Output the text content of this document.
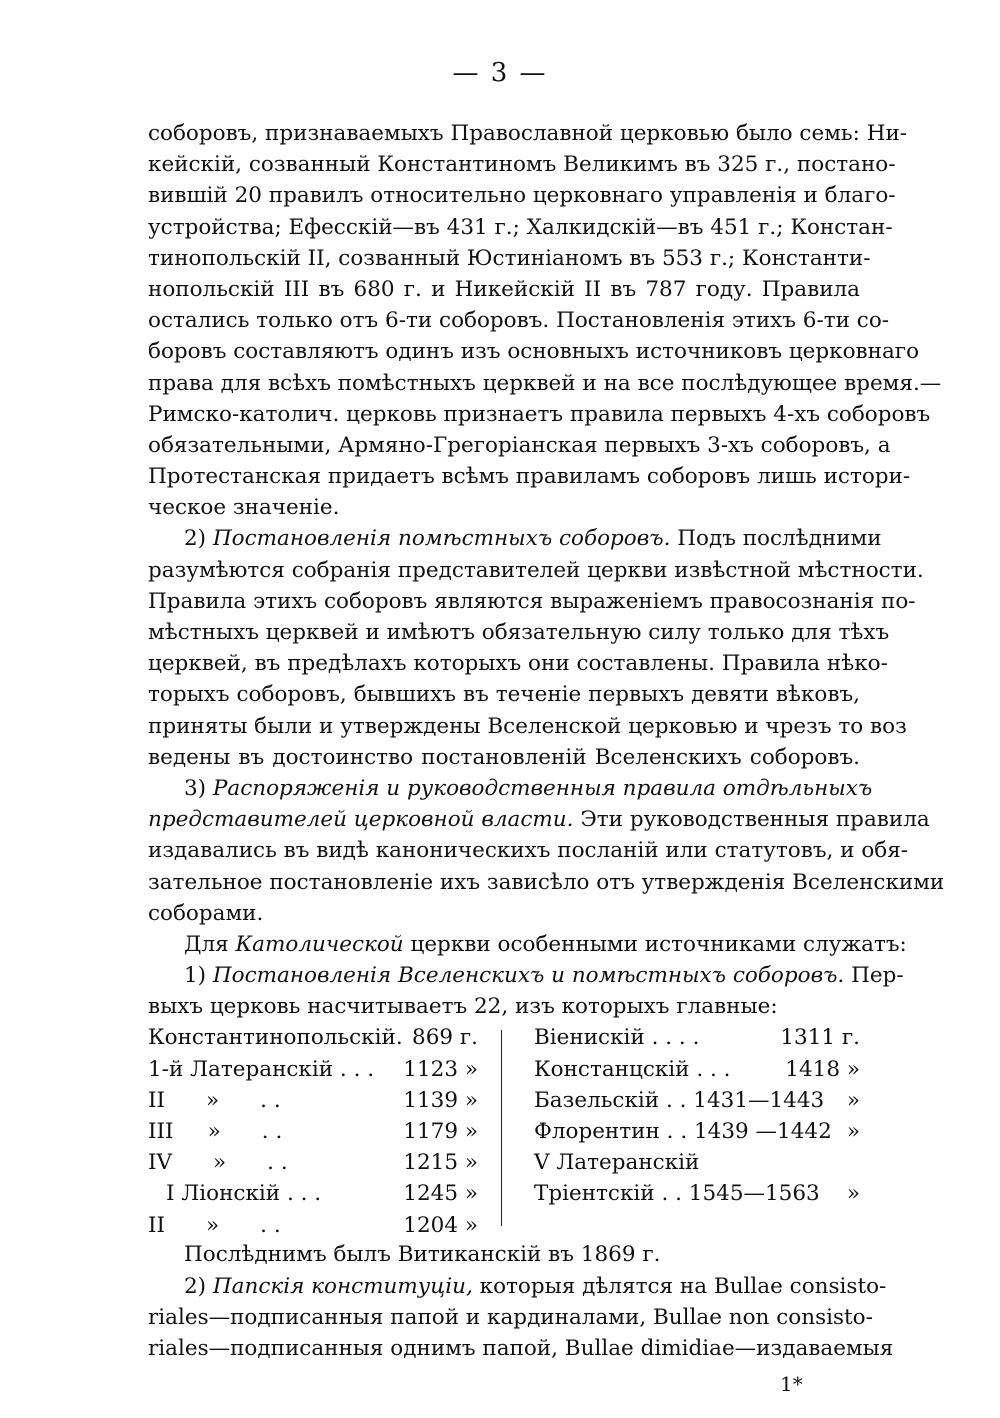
— 3 —
соборовъ, признаваемыхъ Православной церковью было семь: Ни-
кейскій, созванный Константиномъ Великимъ въ 325 г., постано-
вившій 20 правилъ относительно церковнаго управленія и благо-
устройства; Ефесскій—въ 431 г.; Халкидскій—въ 451 г.; Констан-
тинопольскій II, созванный Юстиніаномъ въ 553 г.; Константи-
нопольскій III въ 680 г. и Никейскій II въ 787 году. Правила
остались только отъ 6-ти соборовъ. Постановленія этихъ 6-ти со-
боровъ составляютъ одинъ изъ основныхъ источниковъ церковнаго
права для всѣхъ помѣстныхъ церквей и на все послѣдующее время.—
Римско-католич. церковь признаетъ правила первыхъ 4-хъ соборовъ
обязательными, Армяно-Грегоріанская первыхъ 3-хъ соборовъ, а
Протестанская придаетъ всѣмъ правиламъ соборовъ лишь истори-
ческое значеніе.
2) Постановленія помѣстныхъ соборовъ. Подъ послѣдними
разумѣются собранія представителей церкви извѣстной мѣстности.
Правила этихъ соборовъ являются выраженіемъ правосознанія по-
мѣстныхъ церквей и имѣютъ обязательную силу только для тѣхъ
церквей, въ предѣлахъ которыхъ они составлены. Правила нѣко-
торыхъ соборовъ, бывшихъ въ теченіе первыхъ девяти вѣковъ,
приняты были и утверждены Вселенской церковью и чрезъ то воз
ведены въ достоинство постановленій Вселенскихъ соборовъ.
3) Распоряженія и руководственныя правила отдѣльныхъ
представителей церковной власти. Эти руководственныя правила
издавались въ видѣ каноническихъ посланій или статутовъ, и обя-
зательное постановленіе ихъ зависѣло отъ утвержденія Вселенскими
соборами.
Для Католической церкви особенными источниками служатъ:
1) Постановленія Вселенскихъ и помѣстныхъ соборовъ. Пер-
выхъ церковь насчитываетъ 22, изъ которыхъ главные:
Константинопольскій. 869 г.
1-й Латеранскій . . . 1123 »
II      »      . .	1139 »
III     »      . .	1179 »
IV      »      . .	1215 »
I Ліонскій . . .	1245 »
II      »      . .	1204 »
Віенискій . . . .	1311 г.
Констанцскій . . .	1418 »
Базельскій . . 1431—1443 »
Флорентин . . 1439 —1442 »
V Латеранскій
Тріентскій . . 1545—1563 »
Послѣднимъ былъ Витиканскій въ 1869 г.
2) Папскія конституціи, которыя дѣлятся на Bullae consisto-
riales—подписанныя папой и кардиналами, Bullae non consisto-
riales—подписанныя однимъ папой, Bullae dimidiae—издаваемыя
1*
